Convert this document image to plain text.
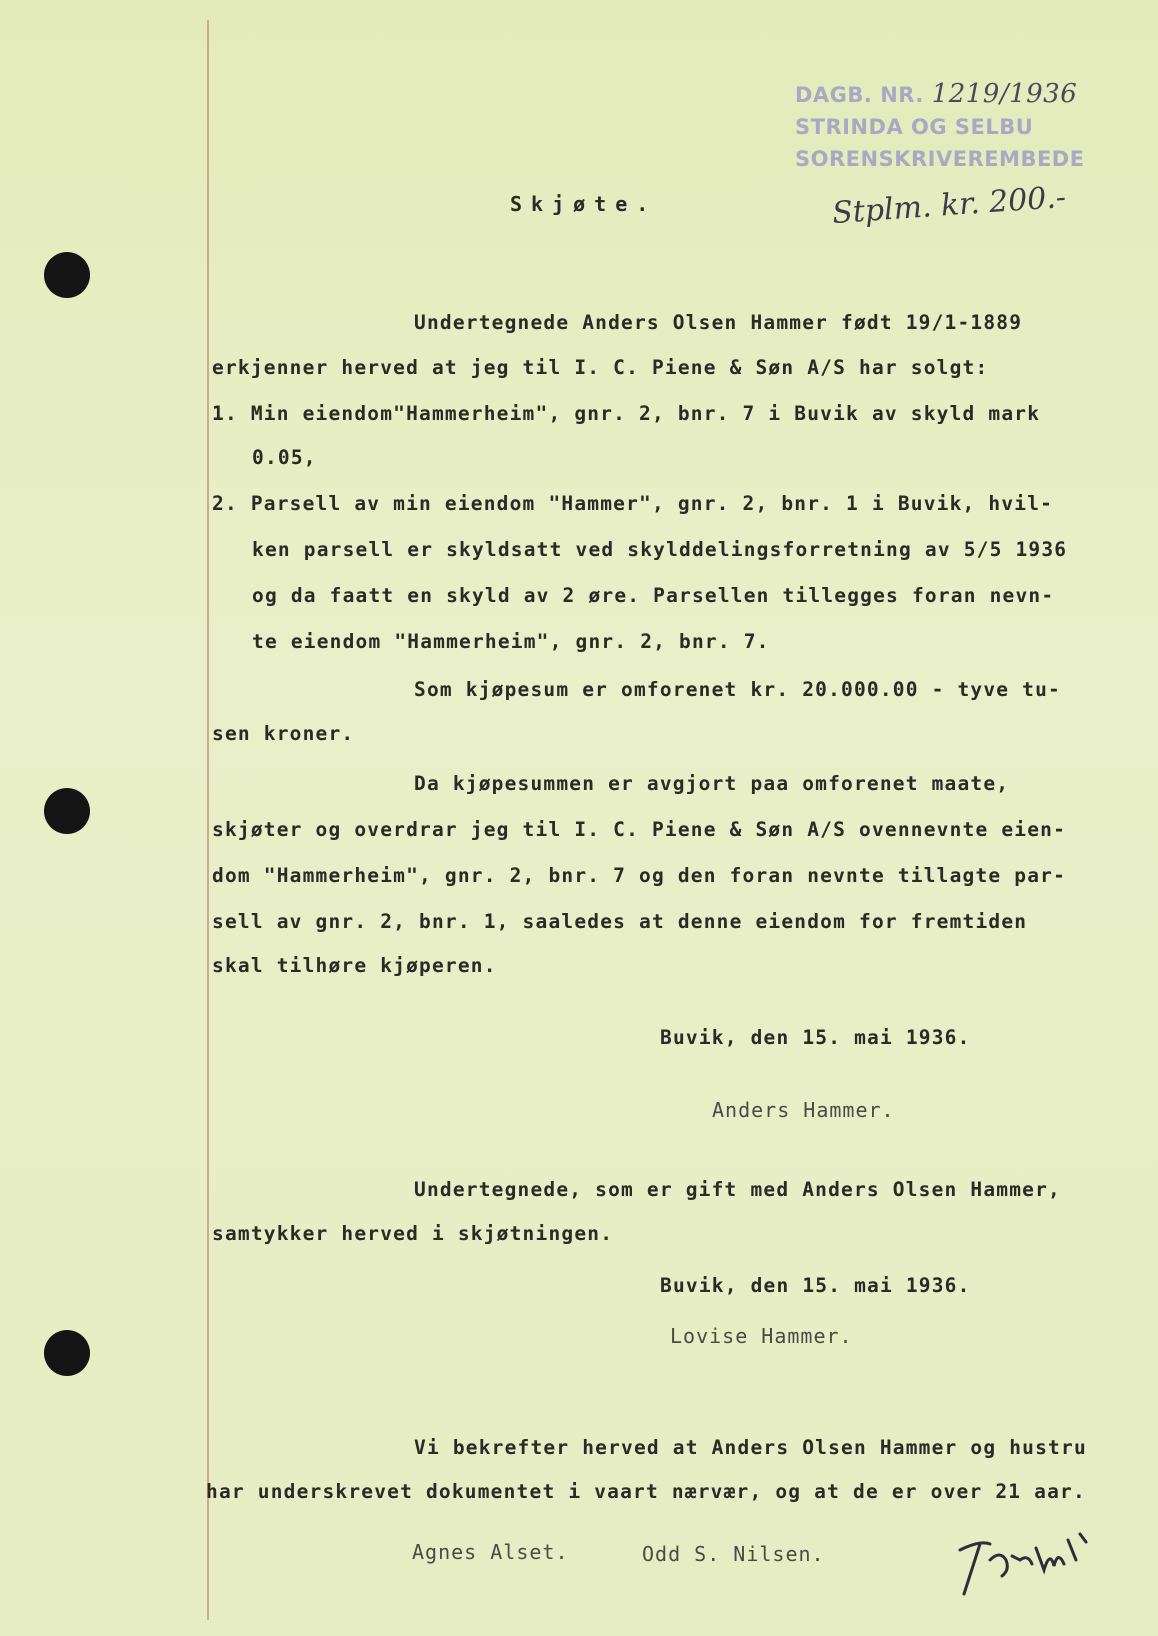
DAGB. NR. 1219/1936
STRINDA OG SELBU
SORENSKRIVEREMBEDE
Stplm. kr. 200.-
Skjøte.
Undertegnede Anders Olsen Hammer født 19/1-1889
erkjenner herved at jeg til I. C. Piene & Søn A/S har solgt:
1. Min eiendom"Hammerheim", gnr. 2, bnr. 7 i Buvik av skyld mark
0.05,
2. Parsell av min eiendom "Hammer", gnr. 2, bnr. 1 i Buvik, hvil-
ken parsell er skyldsatt ved skylddelingsforretning av 5/5 1936
og da faatt en skyld av 2 øre. Parsellen tillegges foran nevn-
te eiendom "Hammerheim", gnr. 2, bnr. 7.
Som kjøpesum er omforenet kr. 20.000.00 - tyve tu-
sen kroner.
Da kjøpesummen er avgjort paa omforenet maate,
skjøter og overdrar jeg til I. C. Piene & Søn A/S ovennevnte eien-
dom "Hammerheim", gnr. 2, bnr. 7 og den foran nevnte tillagte par-
sell av gnr. 2, bnr. 1, saaledes at denne eiendom for fremtiden
skal tilhøre kjøperen.
Buvik, den 15. mai 1936.
Anders Hammer.
Undertegnede, som er gift med Anders Olsen Hammer,
samtykker herved i skjøtningen.
Buvik, den 15. mai 1936.
Lovise Hammer.
Vi bekrefter herved at Anders Olsen Hammer og hustru
har underskrevet dokumentet i vaart nærvær, og at de er over 21 aar.
Agnes Alset.	Odd S. Nilsen.
